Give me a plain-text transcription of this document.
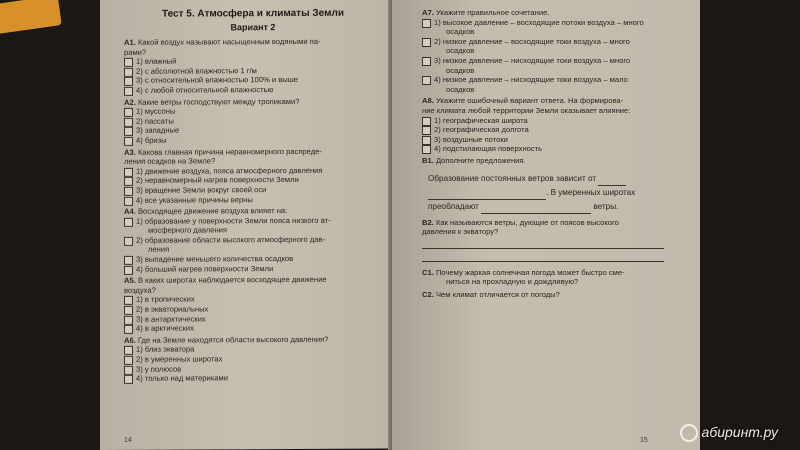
Тест 5. Атмосфера и климаты Земли
Вариант 2
А1. Какой воздух называют насыщенным водяными па-
рами?
1) влажный
2) с абсолютной влажностью 1 г/м
3) с относительной влажностью 100% и выше
4) с любой относительной влажностью
А2. Какие ветры господствуют между тропиками?
1) муссоны
2) пассаты
3) западные
4) бризы
А3. Какова главная причина неравномерного распреде-
ления осадков на Земле?
1) движение воздуха, пояса атмосферного давления
2) неравномерный нагрев поверхности Земли
3) вращение Земли вокруг своей оси
4) все указанные причины верны
А4. Восходящее движение воздуха влияет на:
1) образование у поверхности Земли пояса низкого ат-
мосферного давления
2) образование области высокого атмосферного дав-
ления
3) выпадение меньшего количества осадков
4) больший нагрев поверхности Земли
А5. В каких широтах наблюдается восходящее движение
воздуха?
1) в тропических
2) в экваториальных
3) в антарктических
4) в арктических
А6. Где на Земле находятся области высокого давления?
1) близ экватора
2) в умеренных широтах
3) у полюсов
4) только над материками
14
А7. Укажите правильное сочетание.
1) высокое давление – восходящие потоки воздуха – много
осадков
2) низкое давление – восходящие токи воздуха – много
осадков
3) низкое давление – нисходящие токи воздуха – много
осадков
4) низкое давление – нисходящие токи воздуха – мало
осадков
А8. Укажите ошибочный вариант ответа. На формирова-
ние климата любой территории Земли оказывает влияние:
1) географическая широта
2) географическая долгота
3) воздушные потоки
4) подстилающая поверхность
В1. Дополните предложения.
Образование постоянных ветров зависит от
. В умеренных широтах
преобладают	ветры.
В2. Как называются ветры, дующие от поясов высокого
давления к экватору?
С1. Почему жаркая солнечная погода может быстро сме-
ниться на прохладную и дождливую?
С2. Чем климат отличается от погоды?
15
абиринт.ру
